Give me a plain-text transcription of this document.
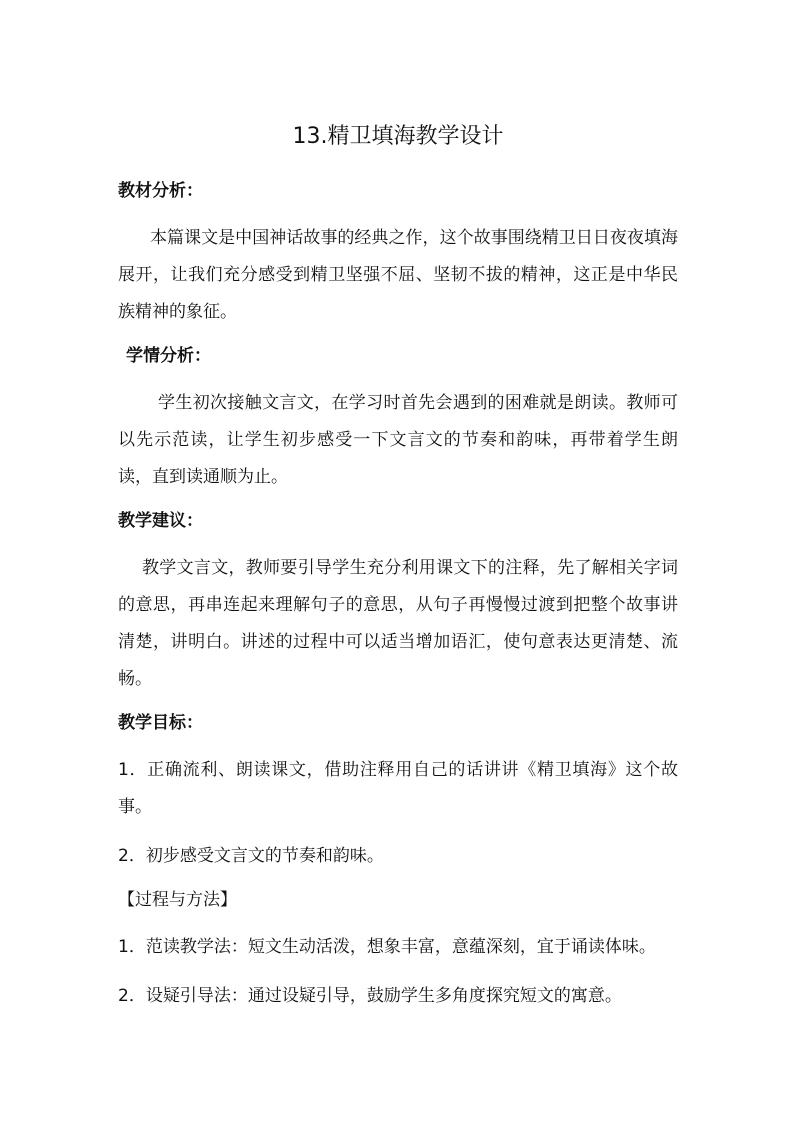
13.精卫填海教学设计
教材分析：

本篇课文是中国神话故事的经典之作，这个故事围绕精卫日日夜夜填海展开，让我们充分感受到精卫坚强不屈、坚韧不拔的精神，这正是中华民族精神的象征。

学情分析：

学生初次接触文言文，在学习时首先会遇到的困难就是朗读。教师可以先示范读，让学生初步感受一下文言文的节奏和韵味，再带着学生朗读，直到读通顺为止。

教学建议：

教学文言文，教师要引导学生充分利用课文下的注释，先了解相关字词的意思，再串连起来理解句子的意思，从句子再慢慢过渡到把整个故事讲清楚，讲明白。讲述的过程中可以适当增加语汇，使句意表达更清楚、流畅。

教学目标：
1．正确流利、朗读课文，借助注释用自己的话讲讲《精卫填海》这个故事。
2．初步感受文言文的节奏和韵味。
【过程与方法】
1．范读教学法：短文生动活泼，想象丰富，意蕴深刻，宜于诵读体味。
2．设疑引导法：通过设疑引导，鼓励学生多角度探究短文的寓意。
